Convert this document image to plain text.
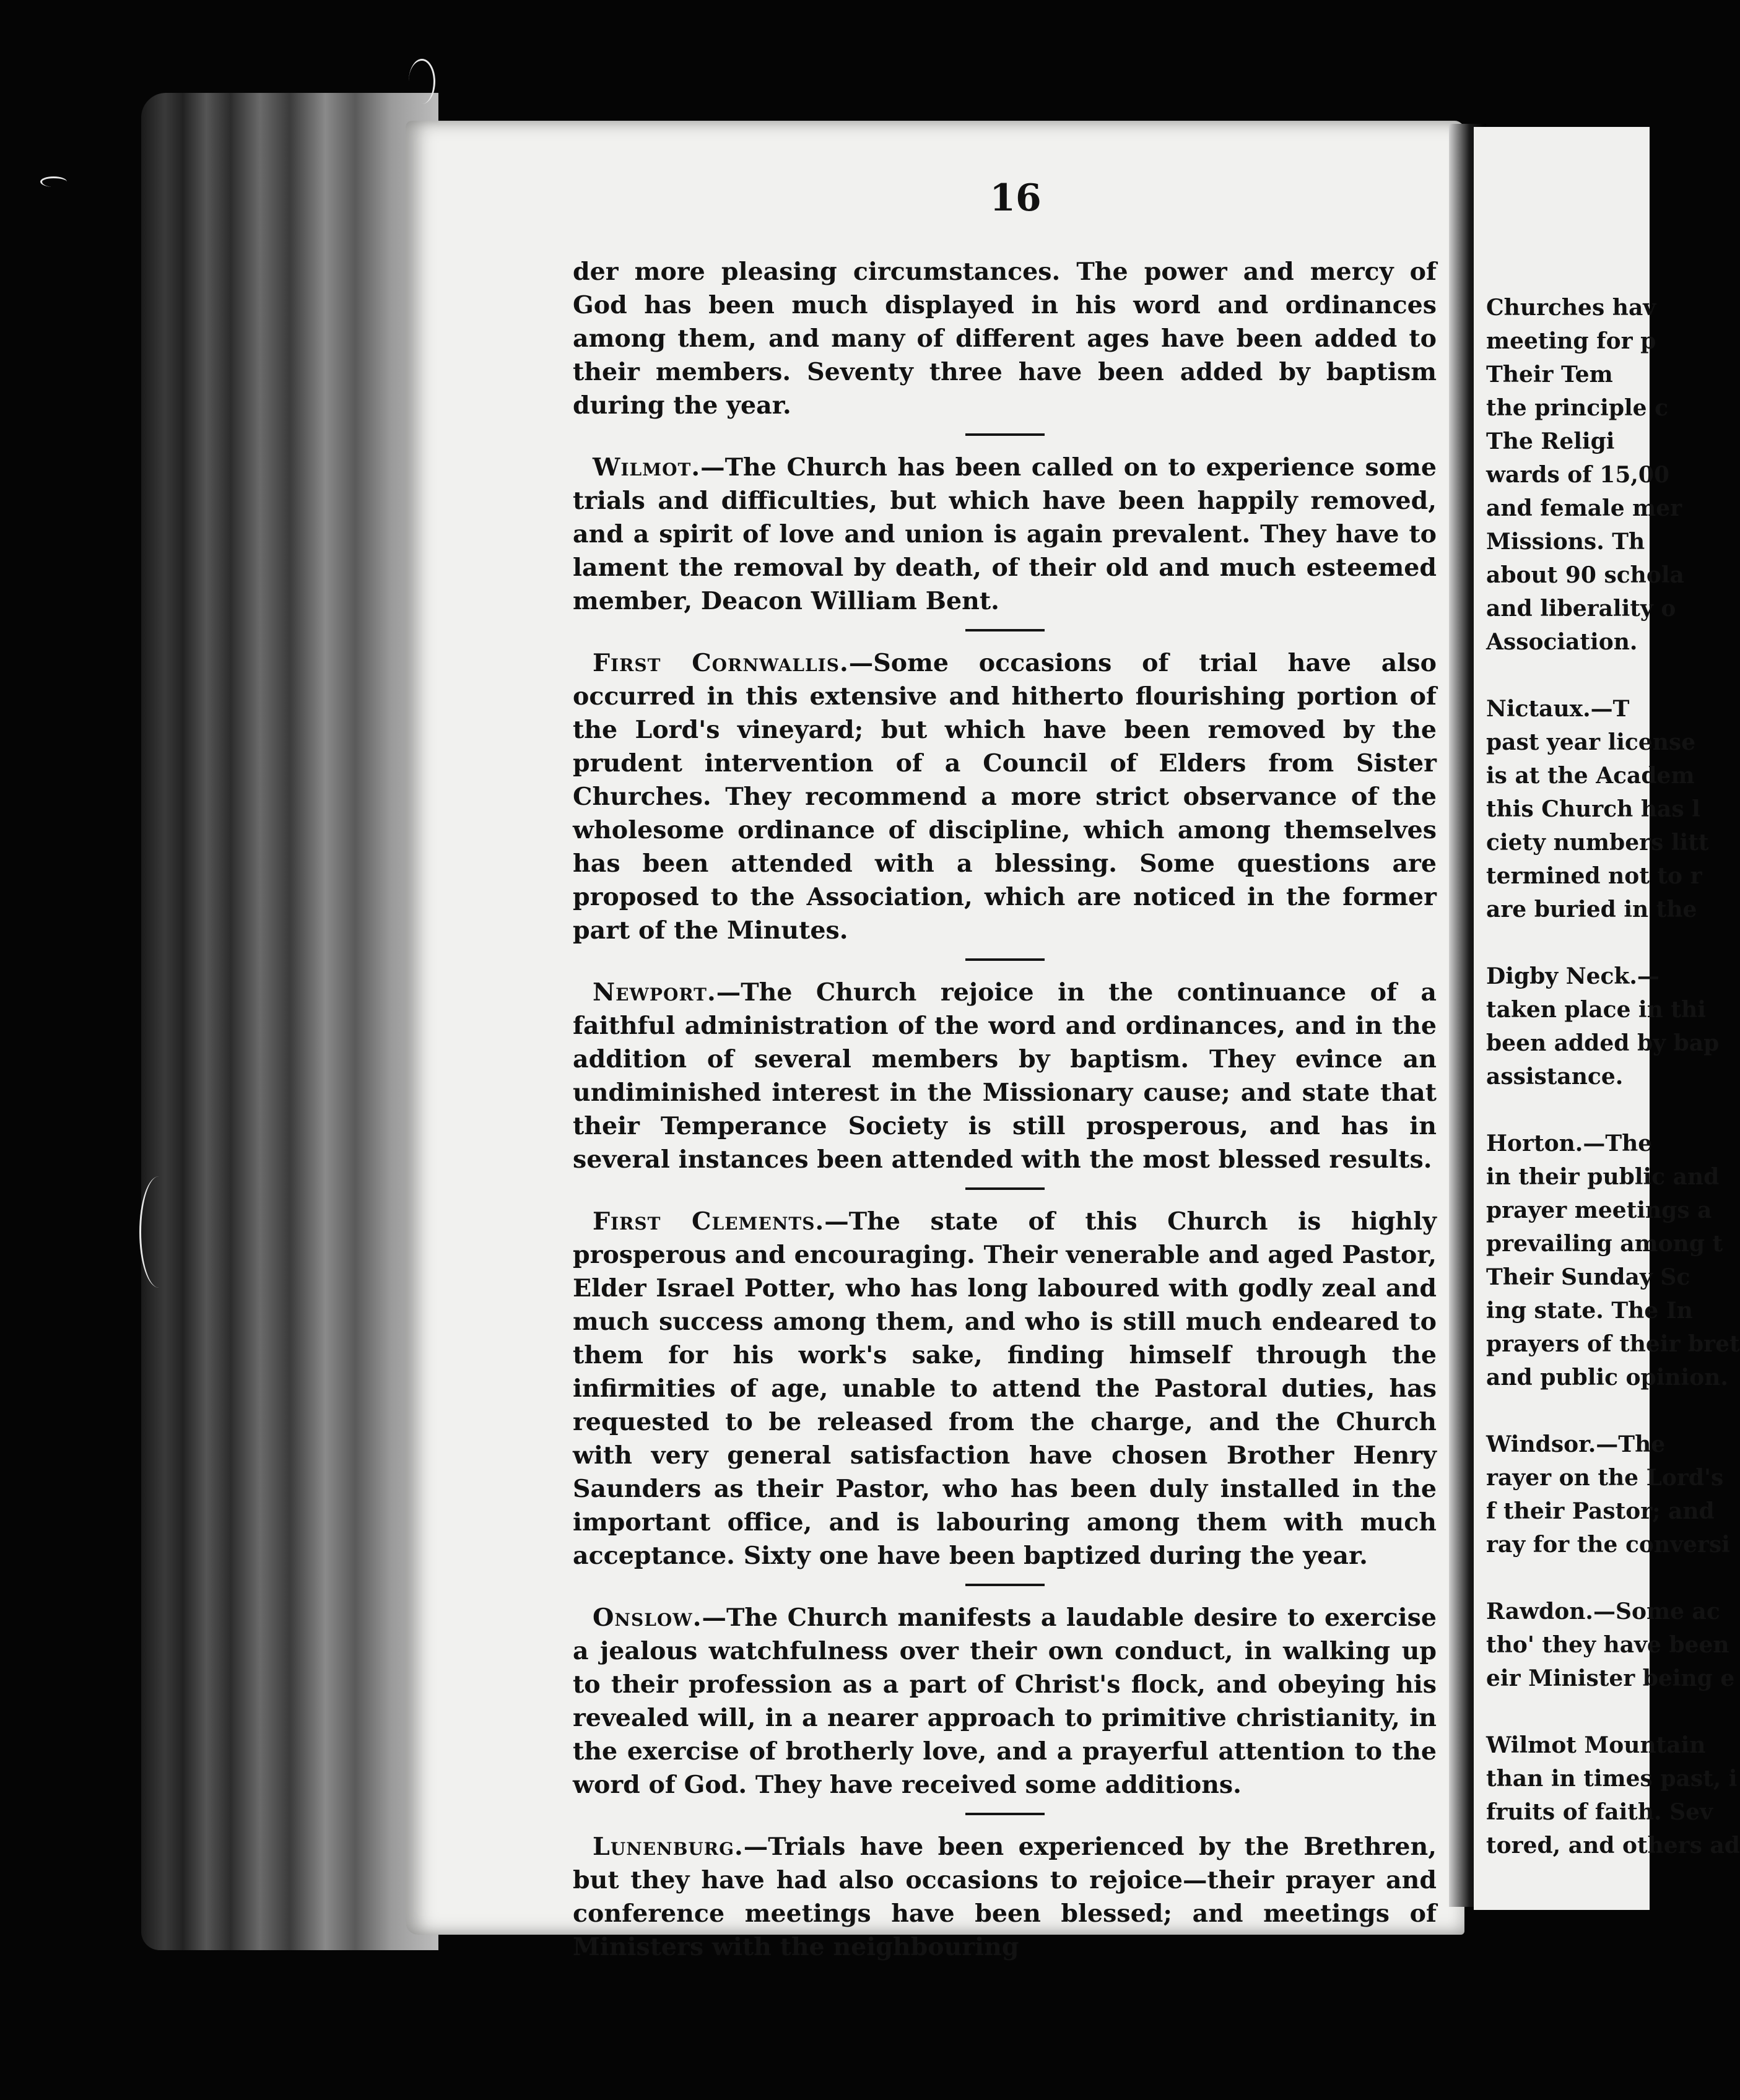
16

der more pleasing circumstances. The power and mercy of God has been much displayed in his word and ordinances among them, and many of different ages have been added to their members. Seventy three have been added by baptism during the year.

Wilmot.—The Church has been called on to experience some trials and difficulties, but which have been happily removed, and a spirit of love and union is again prevalent. They have to lament the removal by death, of their old and much esteemed member, Deacon William Bent.

First Cornwallis.—Some occasions of trial have also occurred in this extensive and hitherto flourishing portion of the Lord's vineyard; but which have been removed by the prudent intervention of a Council of Elders from Sister Churches. They recommend a more strict observance of the wholesome ordinance of discipline, which among themselves has been attended with a blessing. Some questions are proposed to the Association, which are noticed in the former part of the Minutes.

Newport.—The Church rejoice in the continuance of a faithful administration of the word and ordinances, and in the addition of several members by baptism. They evince an undiminished interest in the Missionary cause; and state that their Temperance Society is still prosperous, and has in several instances been attended with the most blessed results.

First Clements.—The state of this Church is highly prosperous and encouraging. Their venerable and aged Pastor, Elder Israel Potter, who has long laboured with godly zeal and much success among them, and who is still much endeared to them for his work's sake, finding himself through the infirmities of age, unable to attend the Pastoral duties, has requested to be released from the charge, and the Church with very general satisfaction have chosen Brother Henry Saunders as their Pastor, who has been duly installed in the important office, and is labouring among them with much acceptance. Sixty one have been baptized during the year.

Onslow.—The Church manifests a laudable desire to exercise a jealous watchfulness over their own conduct, in walking up to their profession as a part of Christ's flock, and obeying his revealed will, in a nearer approach to primitive christianity, in the exercise of brotherly love, and a prayerful attention to the word of God. They have received some additions.

Lunenburg.—Trials have been experienced by the Brethren, but they have had also occasions to rejoice—their prayer and conference meetings have been blessed; and meetings of Ministers with the neighbouring

Churches hav
meeting for p
Their Tem
the principle c
The Religi
wards of 15,00
and female mer
Missions. Th
about 90 schola
and liberality o
Association.
Nictaux.—T
past year license
is at the Academ
this Church has l
ciety numbers litt
termined not to r
are buried in the
Digby Neck.—
taken place in thi
been added by bap
assistance.
Horton.—The
in their public and
prayer meetings a
prevailing among t
Their Sunday Sc
ing state. The In
prayers of their bret
and public opinion.
Windsor.—The
rayer on the Lord's
f their Pastor; and
ray for the conversi
Rawdon.—Some ac
tho' they have been
eir Minister being e
Wilmot Mountain
than in times past, i
fruits of faith. Sev
tored, and others ad
